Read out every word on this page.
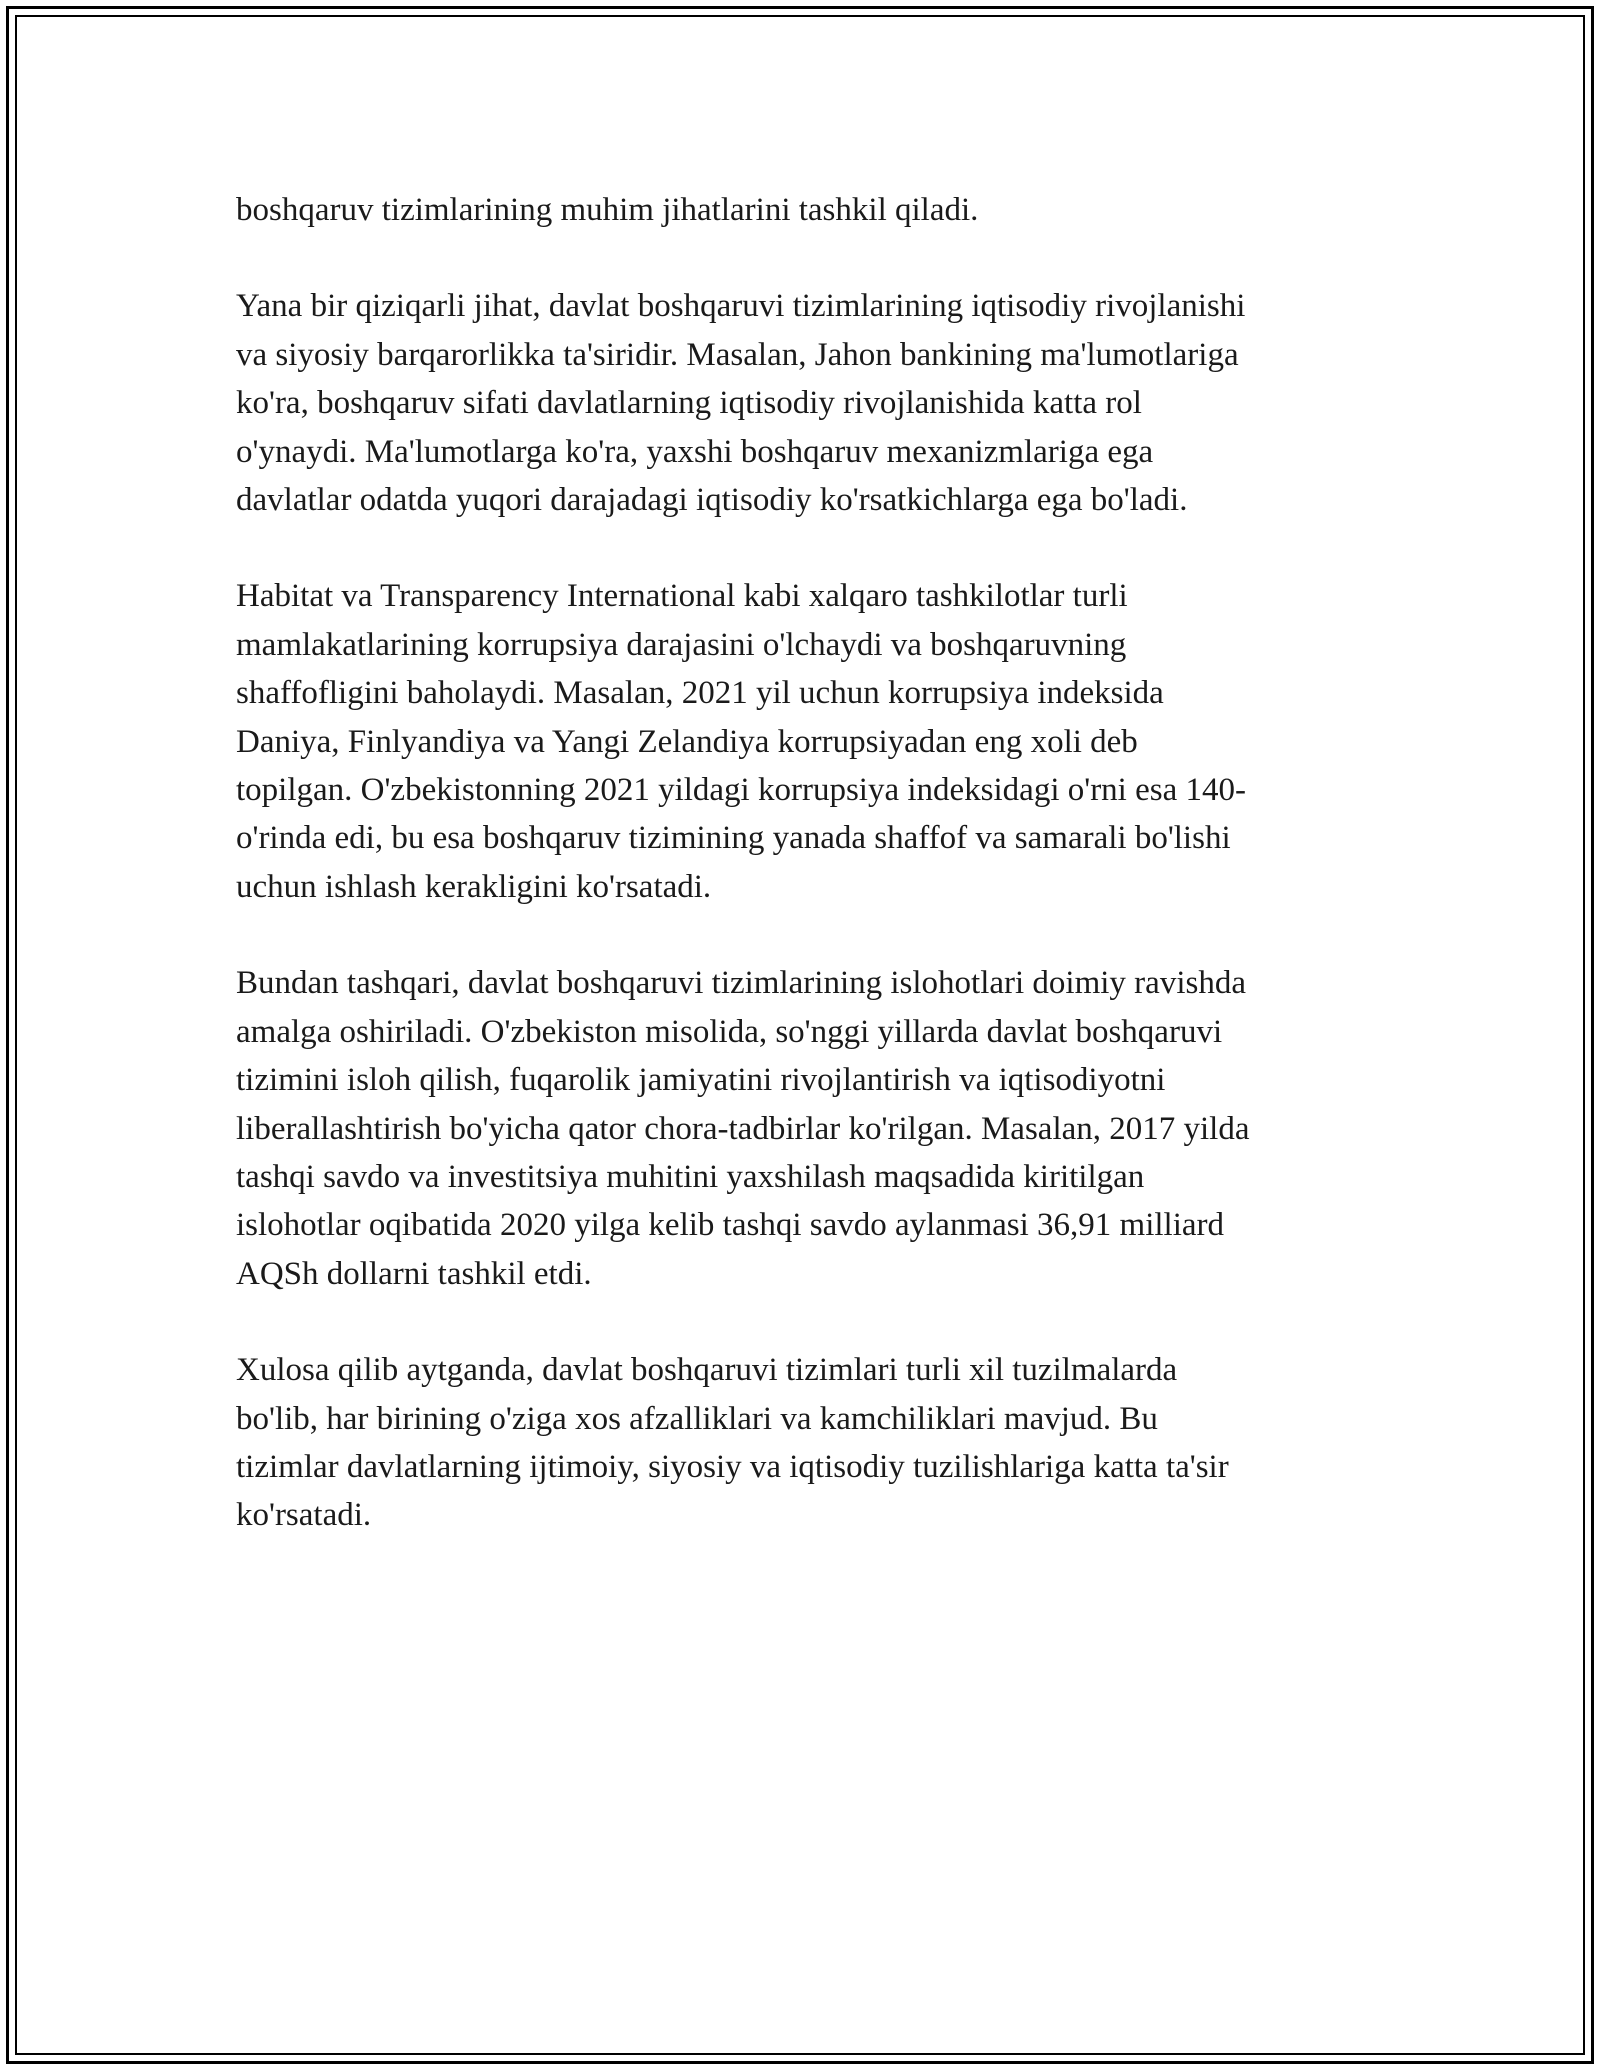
boshqaruv tizimlarining muhim jihatlarini tashkil qiladi.

Yana bir qiziqarli jihat, davlat boshqaruvi tizimlarining iqtisodiy rivojlanishi
va siyosiy barqarorlikka ta'siridir. Masalan, Jahon bankining ma'lumotlariga
ko'ra, boshqaruv sifati davlatlarning iqtisodiy rivojlanishida katta rol
o'ynaydi. Ma'lumotlarga ko'ra, yaxshi boshqaruv mexanizmlariga ega
davlatlar odatda yuqori darajadagi iqtisodiy ko'rsatkichlarga ega bo'ladi.

Habitat va Transparency International kabi xalqaro tashkilotlar turli
mamlakatlarining korrupsiya darajasini o'lchaydi va boshqaruvning
shaffofligini baholaydi. Masalan, 2021 yil uchun korrupsiya indeksida
Daniya, Finlyandiya va Yangi Zelandiya korrupsiyadan eng xoli deb
topilgan. O'zbekistonning 2021 yildagi korrupsiya indeksidagi o'rni esa 140-
o'rinda edi, bu esa boshqaruv tizimining yanada shaffof va samarali bo'lishi
uchun ishlash kerakligini ko'rsatadi.

Bundan tashqari, davlat boshqaruvi tizimlarining islohotlari doimiy ravishda
amalga oshiriladi. O'zbekiston misolida, so'nggi yillarda davlat boshqaruvi
tizimini isloh qilish, fuqarolik jamiyatini rivojlantirish va iqtisodiyotni
liberallashtirish bo'yicha qator chora-tadbirlar ko'rilgan. Masalan, 2017 yilda
tashqi savdo va investitsiya muhitini yaxshilash maqsadida kiritilgan
islohotlar oqibatida 2020 yilga kelib tashqi savdo aylanmasi 36,91 milliard
AQSh dollarni tashkil etdi.

Xulosa qilib aytganda, davlat boshqaruvi tizimlari turli xil tuzilmalarda
bo'lib, har birining o'ziga xos afzalliklari va kamchiliklari mavjud. Bu
tizimlar davlatlarning ijtimoiy, siyosiy va iqtisodiy tuzilishlariga katta ta'sir
ko'rsatadi.
